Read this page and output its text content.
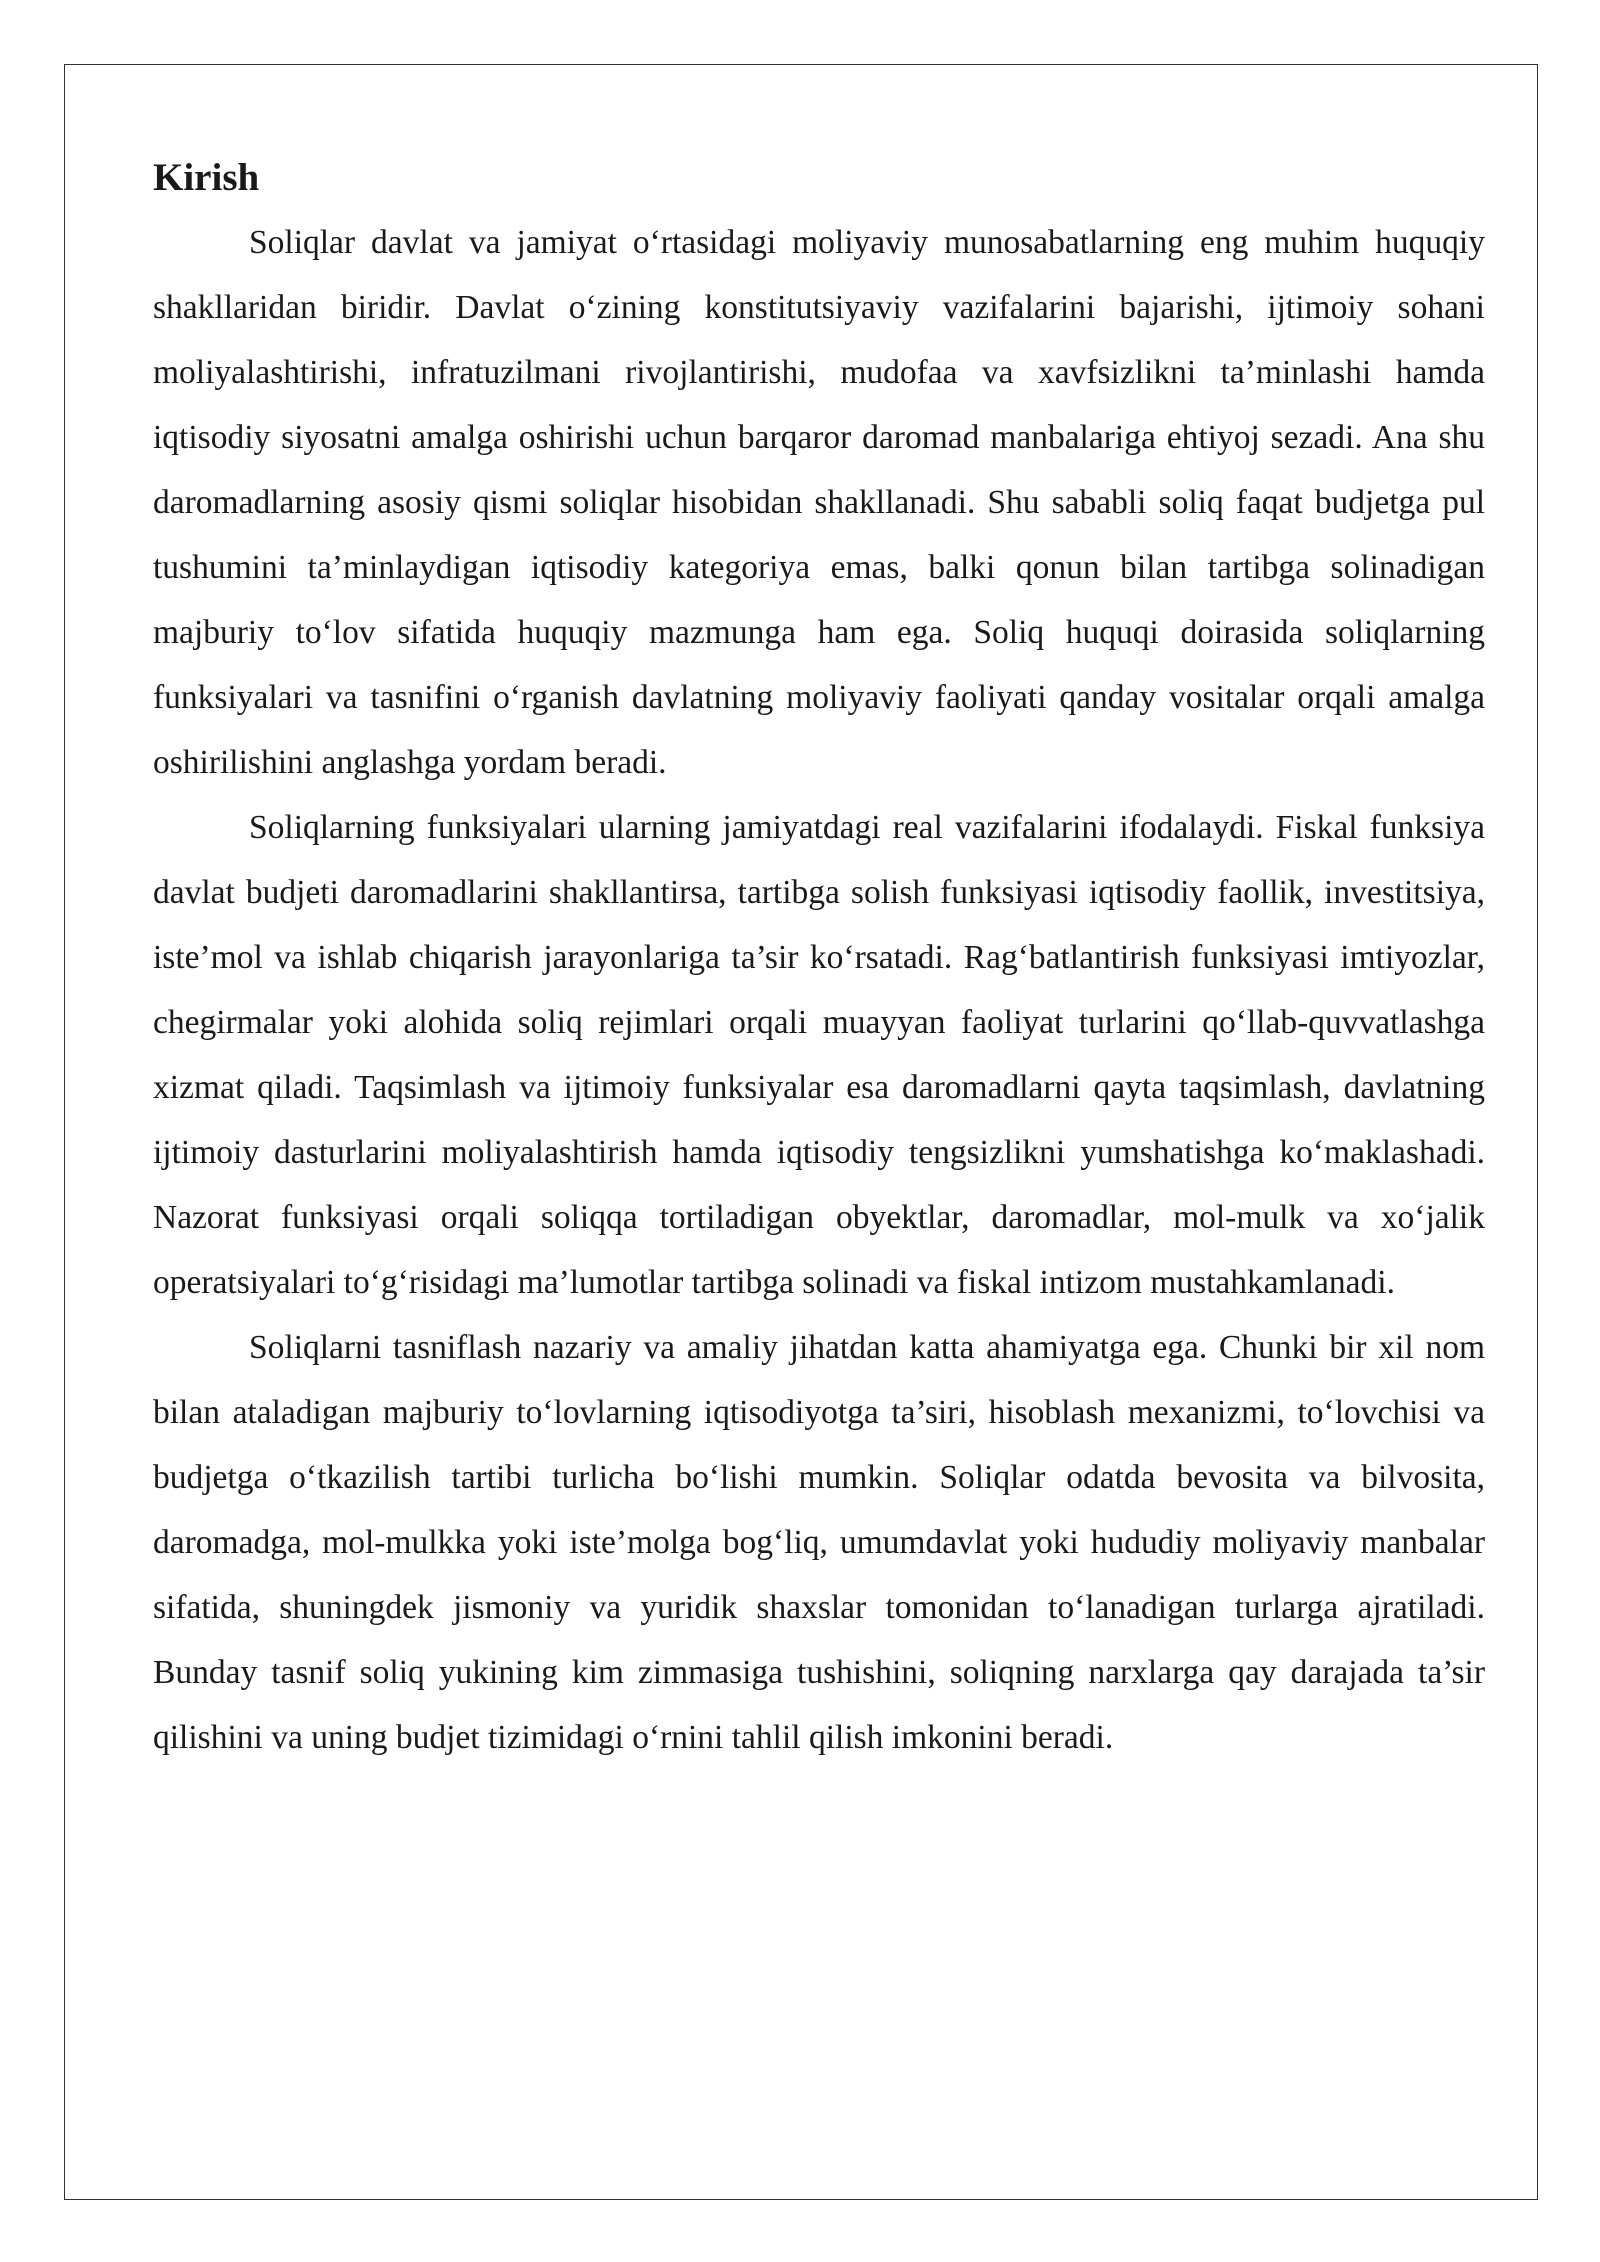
Kirish

Soliqlar davlat va jamiyat o‘rtasidagi moliyaviy munosabatlarning eng muhim huquqiy shakllaridan biridir. Davlat o‘zining konstitutsiyaviy vazifalarini bajarishi, ijtimoiy sohani moliyalashtirishi, infratuzilmani rivojlantirishi, mudofaa va xavfsizlikni ta’minlashi hamda iqtisodiy siyosatni amalga oshirishi uchun barqaror daromad manbalariga ehtiyoj sezadi. Ana shu daromadlarning asosiy qismi soliqlar hisobidan shakllanadi. Shu sababli soliq faqat budjetga pul tushumini ta’minlaydigan iqtisodiy kategoriya emas, balki qonun bilan tartibga solinadigan majburiy to‘lov sifatida huquqiy mazmunga ham ega. Soliq huquqi doirasida soliqlarning funksiyalari va tasnifini o‘rganish davlatning moliyaviy faoliyati qanday vositalar orqali amalga oshirilishini anglashga yordam beradi.

Soliqlarning funksiyalari ularning jamiyatdagi real vazifalarini ifodalaydi. Fiskal funksiya davlat budjeti daromadlarini shakllantirsa, tartibga solish funksiyasi iqtisodiy faollik, investitsiya, iste’mol va ishlab chiqarish jarayonlariga ta’sir ko‘rsatadi. Rag‘batlantirish funksiyasi imtiyozlar, chegirmalar yoki alohida soliq rejimlari orqali muayyan faoliyat turlarini qo‘llab-quvvatlashga xizmat qiladi. Taqsimlash va ijtimoiy funksiyalar esa daromadlarni qayta taqsimlash, davlatning ijtimoiy dasturlarini moliyalashtirish hamda iqtisodiy tengsizlikni yumshatishga ko‘maklashadi. Nazorat funksiyasi orqali soliqqa tortiladigan obyektlar, daromadlar, mol-mulk va xo‘jalik operatsiyalari to‘g‘risidagi ma’lumotlar tartibga solinadi va fiskal intizom mustahkamlanadi.

Soliqlarni tasniflash nazariy va amaliy jihatdan katta ahamiyatga ega. Chunki bir xil nom bilan ataladigan majburiy to‘lovlarning iqtisodiyotga ta’siri, hisoblash mexanizmi, to‘lovchisi va budjetga o‘tkazilish tartibi turlicha bo‘lishi mumkin. Soliqlar odatda bevosita va bilvosita, daromadga, mol-mulkka yoki iste’molga bog‘liq, umumdavlat yoki hududiy moliyaviy manbalar sifatida, shuningdek jismoniy va yuridik shaxslar tomonidan to‘lanadigan turlarga ajratiladi. Bunday tasnif soliq yukining kim zimmasiga tushishini, soliqning narxlarga qay darajada ta’sir qilishini va uning budjet tizimidagi o‘rnini tahlil qilish imkonini beradi.
